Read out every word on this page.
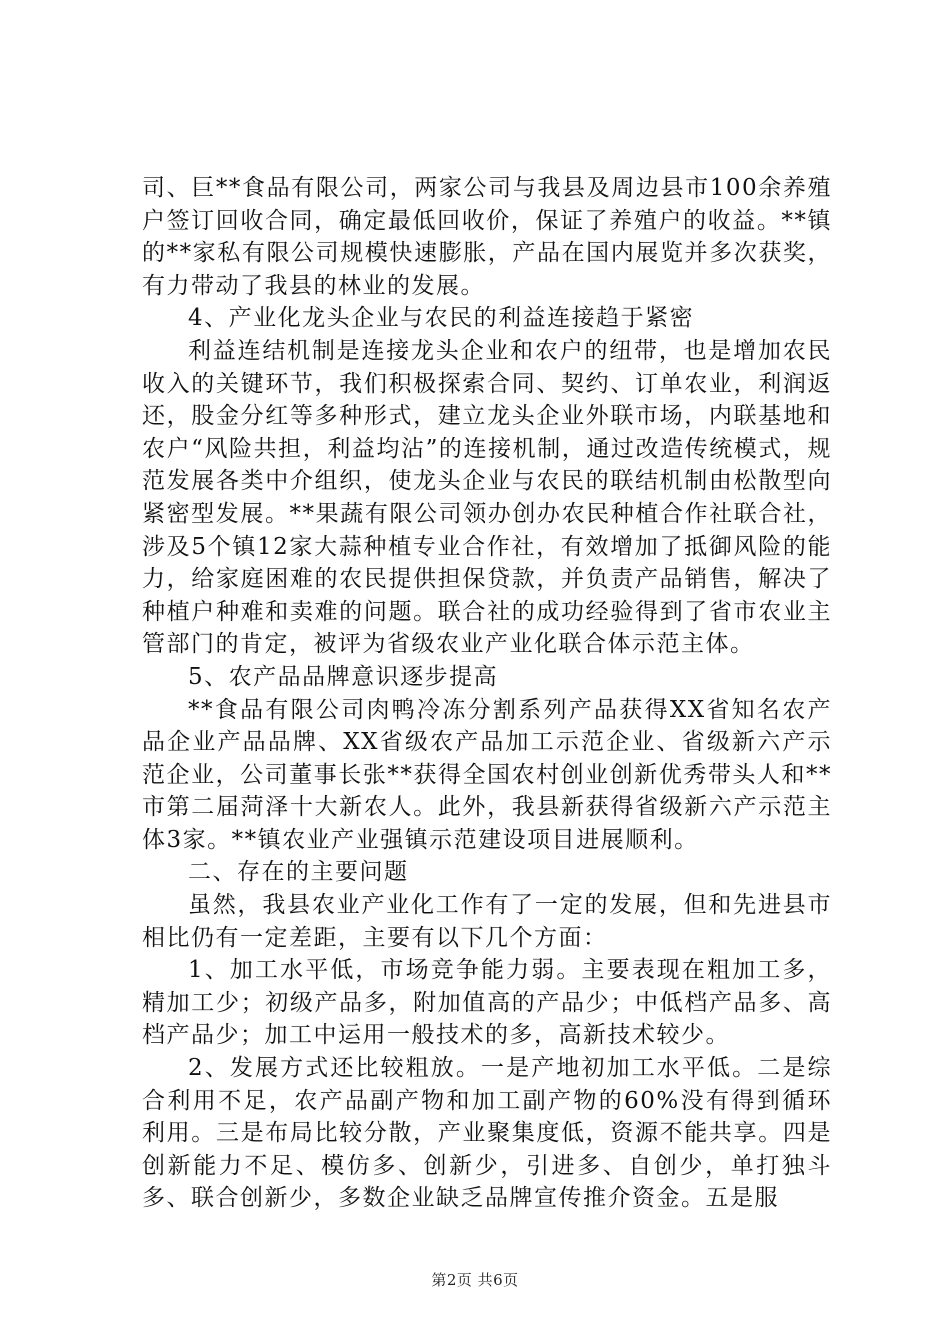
司、巨**食品有限公司，两家公司与我县及周边县市100余养殖户签订回收合同，确定最低回收价，保证了养殖户的收益。**镇的**家私有限公司规模快速膨胀，产品在国内展览并多次获奖，有力带动了我县的林业的发展。

4、产业化龙头企业与农民的利益连接趋于紧密

利益连结机制是连接龙头企业和农户的纽带，也是增加农民收入的关键环节，我们积极探索合同、契约、订单农业，利润返还，股金分红等多种形式，建立龙头企业外联市场，内联基地和农户“风险共担，利益均沾”的连接机制，通过改造传统模式，规范发展各类中介组织，使龙头企业与农民的联结机制由松散型向紧密型发展。**果蔬有限公司领办创办农民种植合作社联合社，涉及5个镇12家大蒜种植专业合作社，有效增加了抵御风险的能力，给家庭困难的农民提供担保贷款，并负责产品销售，解决了种植户种难和卖难的问题。联合社的成功经验得到了省市农业主管部门的肯定，被评为省级农业产业化联合体示范主体。

5、农产品品牌意识逐步提高

**食品有限公司肉鸭冷冻分割系列产品获得XX省知名农产品企业产品品牌、XX省级农产品加工示范企业、省级新六产示范企业，公司董事长张**获得全国农村创业创新优秀带头人和**市第二届菏泽十大新农人。此外，我县新获得省级新六产示范主体3家。**镇农业产业强镇示范建设项目进展顺利。

二、存在的主要问题

虽然，我县农业产业化工作有了一定的发展，但和先进县市相比仍有一定差距，主要有以下几个方面：

1、加工水平低，市场竞争能力弱。主要表现在粗加工多，精加工少；初级产品多，附加值高的产品少；中低档产品多、高档产品少；加工中运用一般技术的多，高新技术较少。

2、发展方式还比较粗放。一是产地初加工水平低。二是综合利用不足，农产品副产物和加工副产物的60%没有得到循环利用。三是布局比较分散，产业聚集度低，资源不能共享。四是创新能力不足、模仿多、创新少，引进多、自创少，单打独斗多、联合创新少，多数企业缺乏品牌宣传推介资金。五是服

第2页 共6页
